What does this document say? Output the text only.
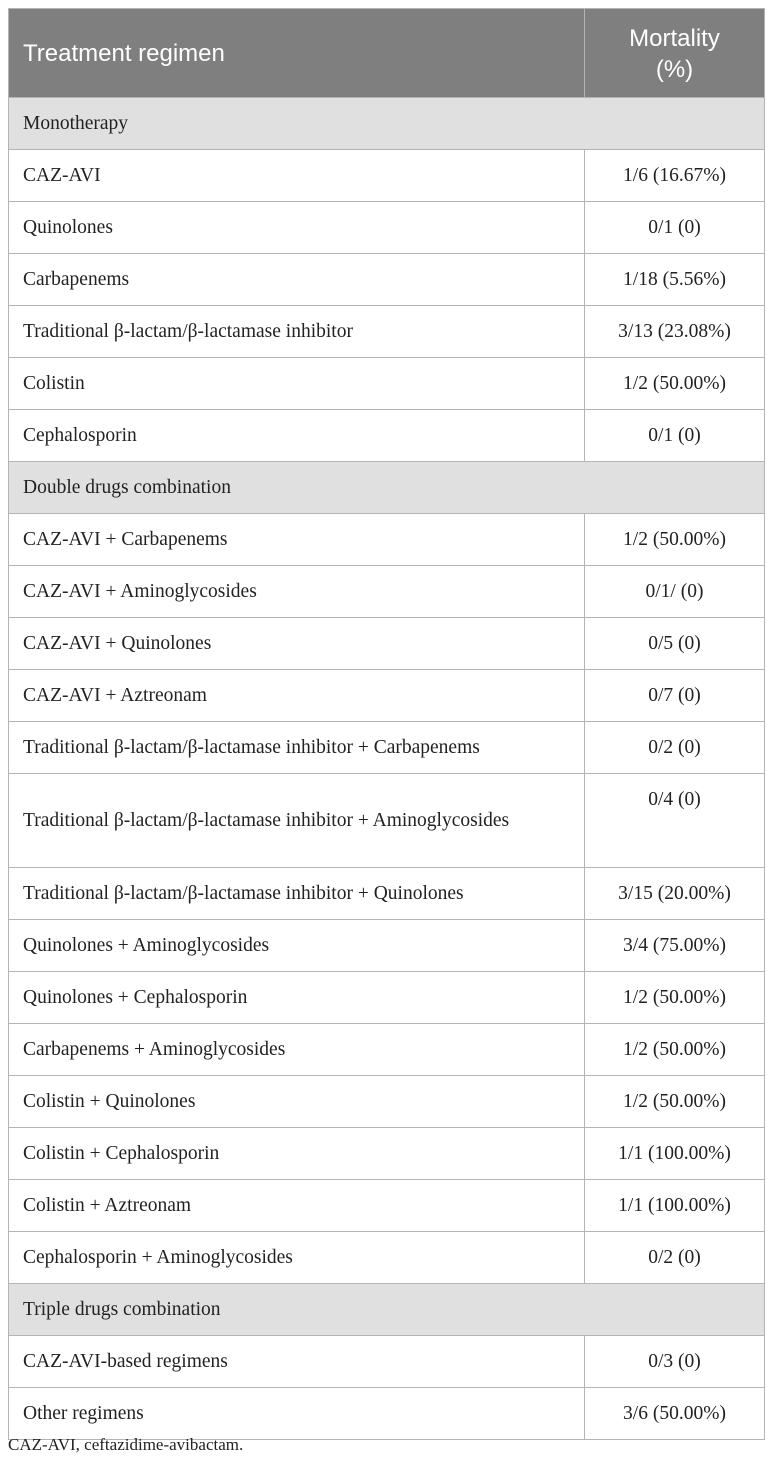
Treatment regimen	Mortality
(%)
Monotherapy	
CAZ-AVI	1/6 (16.67%)
Quinolones	0/1 (0)
Carbapenems	1/18 (5.56%)
Traditional β-lactam/β-lactamase inhibitor	3/13 (23.08%)
Colistin	1/2 (50.00%)
Cephalosporin	0/1 (0)
Double drugs combination	
CAZ-AVI + Carbapenems	1/2 (50.00%)
CAZ-AVI + Aminoglycosides	0/1/ (0)
CAZ-AVI + Quinolones	0/5 (0)
CAZ-AVI + Aztreonam	0/7 (0)
Traditional β-lactam/β-lactamase inhibitor + Carbapenems	0/2 (0)
Traditional β-lactam/β-lactamase inhibitor + Aminoglycosides	0/4 (0)
Traditional β-lactam/β-lactamase inhibitor + Quinolones	3/15 (20.00%)
Quinolones + Aminoglycosides	3/4 (75.00%)
Quinolones + Cephalosporin	1/2 (50.00%)
Carbapenems + Aminoglycosides	1/2 (50.00%)
Colistin + Quinolones	1/2 (50.00%)
Colistin + Cephalosporin	1/1 (100.00%)
Colistin + Aztreonam	1/1 (100.00%)
Cephalosporin + Aminoglycosides	0/2 (0)
Triple drugs combination	
CAZ-AVI-based regimens	0/3 (0)
Other regimens	3/6 (50.00%)
CAZ-AVI, ceftazidime-avibactam.
